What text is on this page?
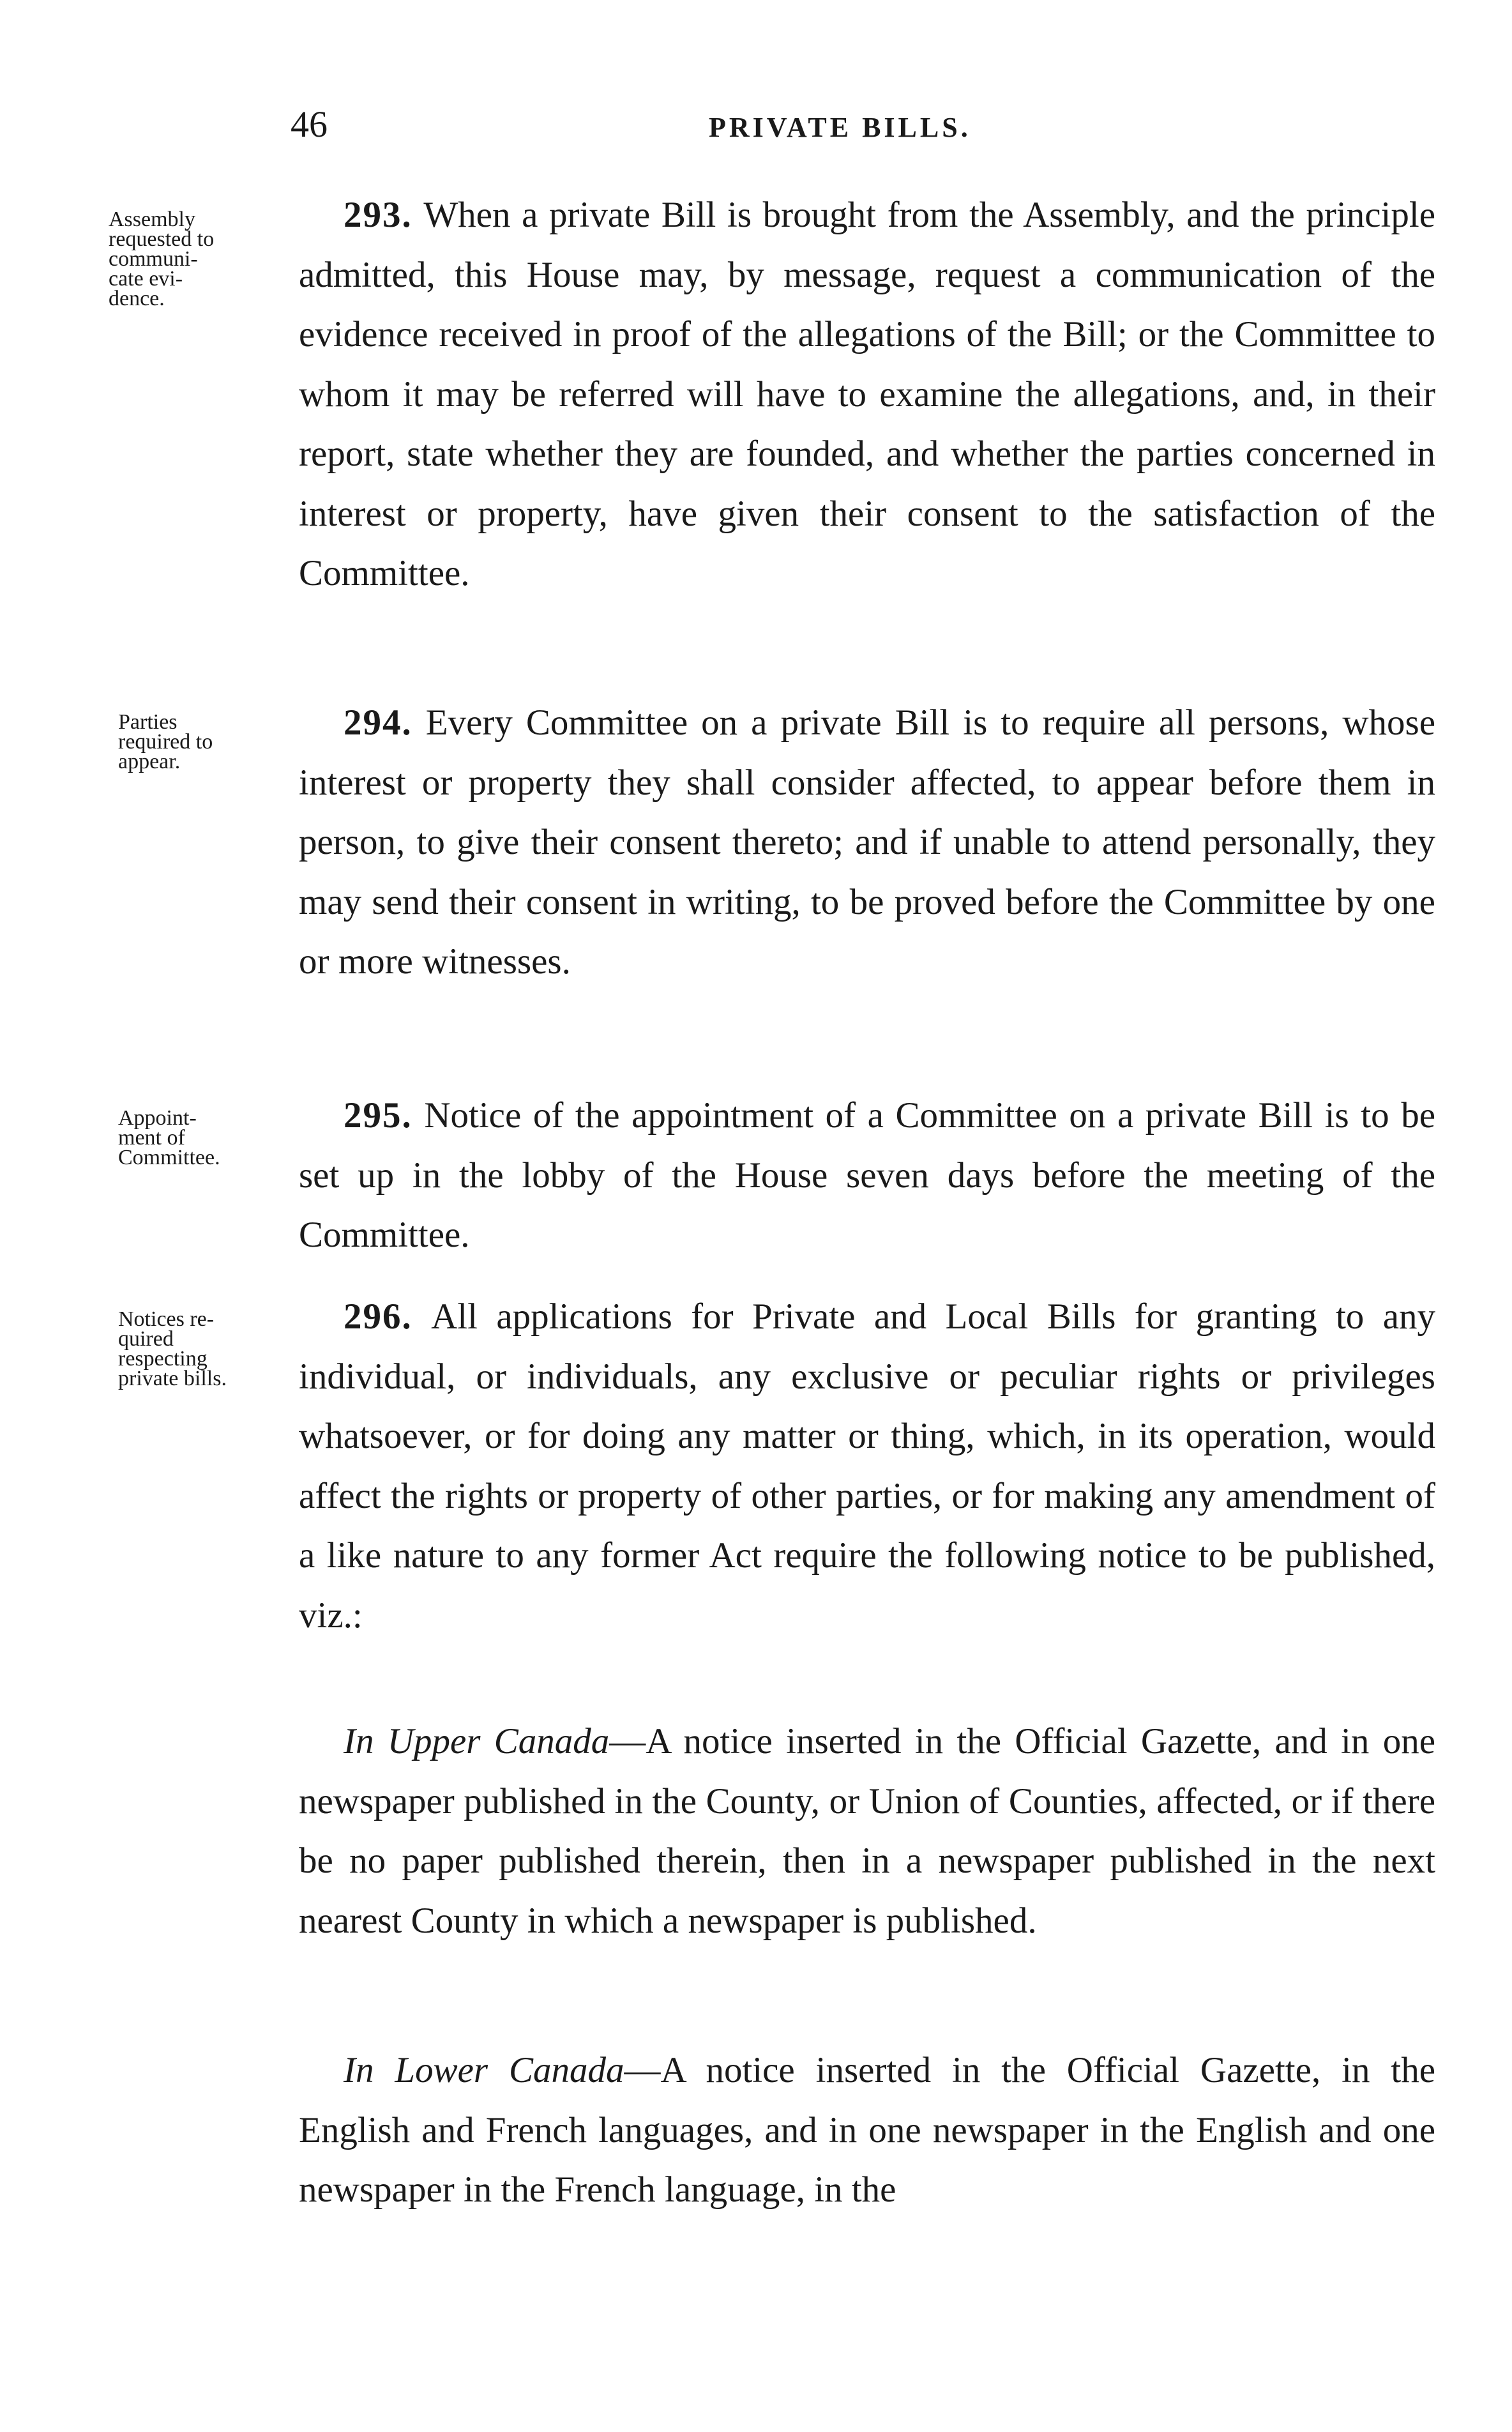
46	PRIVATE BILLS.
Assembly
requested to
communi-
cate evi-
dence.

293. When a private Bill is brought from the Assembly, and the principle admitted, this House may, by message, request a communication of the evidence received in proof of the allegations of the Bill; or the Committee to whom it may be referred will have to examine the allegations, and, in their report, state whether they are founded, and whether the parties concerned in interest or property, have given their consent to the satisfaction of the Committee.

Parties
required to
appear.

294. Every Committee on a private Bill is to require all persons, whose interest or property they shall consider affected, to appear before them in person, to give their consent thereto; and if unable to attend personally, they may send their consent in writing, to be proved before the Committee by one or more witnesses.

Appoint-
ment of
Committee.

295. Notice of the appointment of a Committee on a private Bill is to be set up in the lobby of the House seven days before the meeting of the Committee.

Notices re-
quired
respecting
private bills.

296. All applications for Private and Local Bills for granting to any individual, or individuals, any exclusive or peculiar rights or privileges whatsoever, or for doing any matter or thing, which, in its operation, would affect the rights or property of other parties, or for making any amendment of a like nature to any former Act require the following notice to be published, viz.:

In Upper Canada—A notice inserted in the Official Gazette, and in one newspaper published in the County, or Union of Counties, affected, or if there be no paper published therein, then in a newspaper published in the next nearest County in which a newspaper is published.

In Lower Canada—A notice inserted in the Official Gazette, in the English and French languages, and in one newspaper in the English and one newspaper in the French language, in the
